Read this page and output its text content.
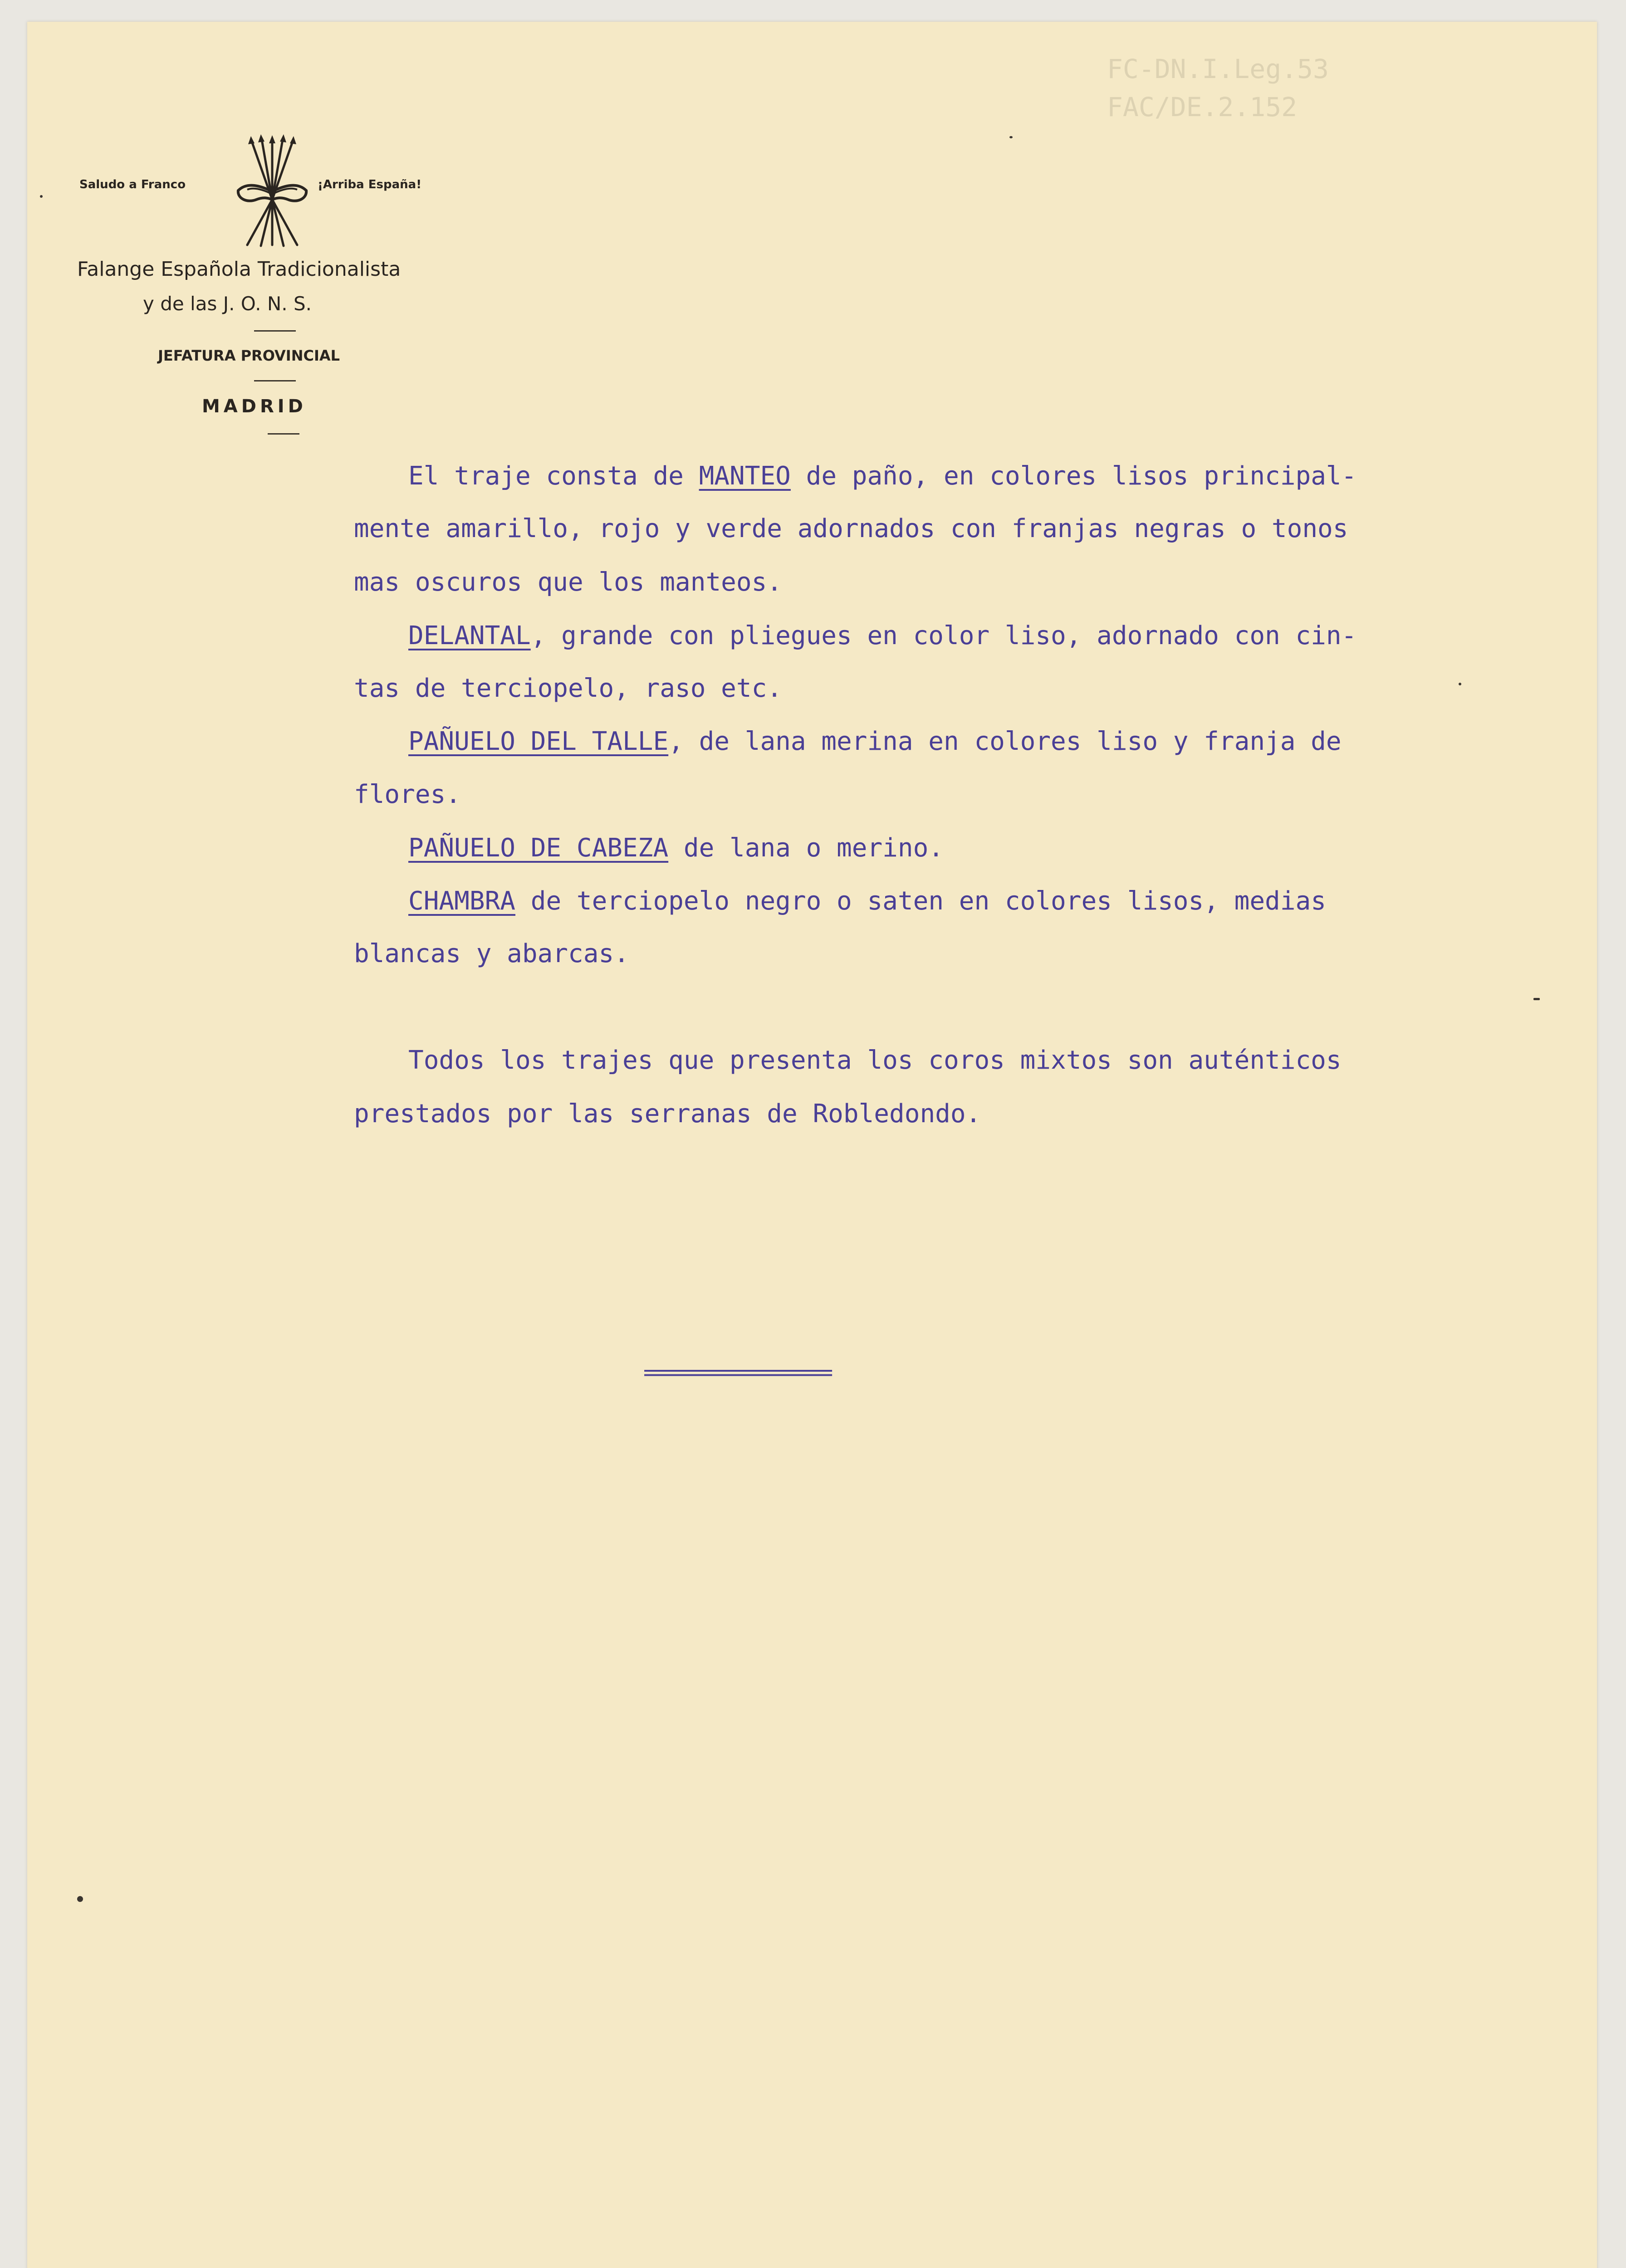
FC-DN.I.Leg.53
FAC/DE.2.152
Saludo a Franco	¡Arriba España!
Falange Española Tradicionalista
y de las J. O. N. S.
JEFATURA PROVINCIAL
MADRID
El traje consta de MANTEO de paño, en colores lisos principal-
mente amarillo, rojo y verde adornados con franjas negras o tonos
mas oscuros que los manteos.
DELANTAL, grande con pliegues en color liso, adornado con cin-
tas de terciopelo, raso etc.
PAÑUELO DEL TALLE, de lana merina en colores liso y franja de
flores.
PAÑUELO DE CABEZA de lana o merino.
CHAMBRA de terciopelo negro o saten en colores lisos, medias
blancas y abarcas.
Todos los trajes que presenta los coros mixtos son auténticos
prestados por las serranas de Robledondo.
==================
